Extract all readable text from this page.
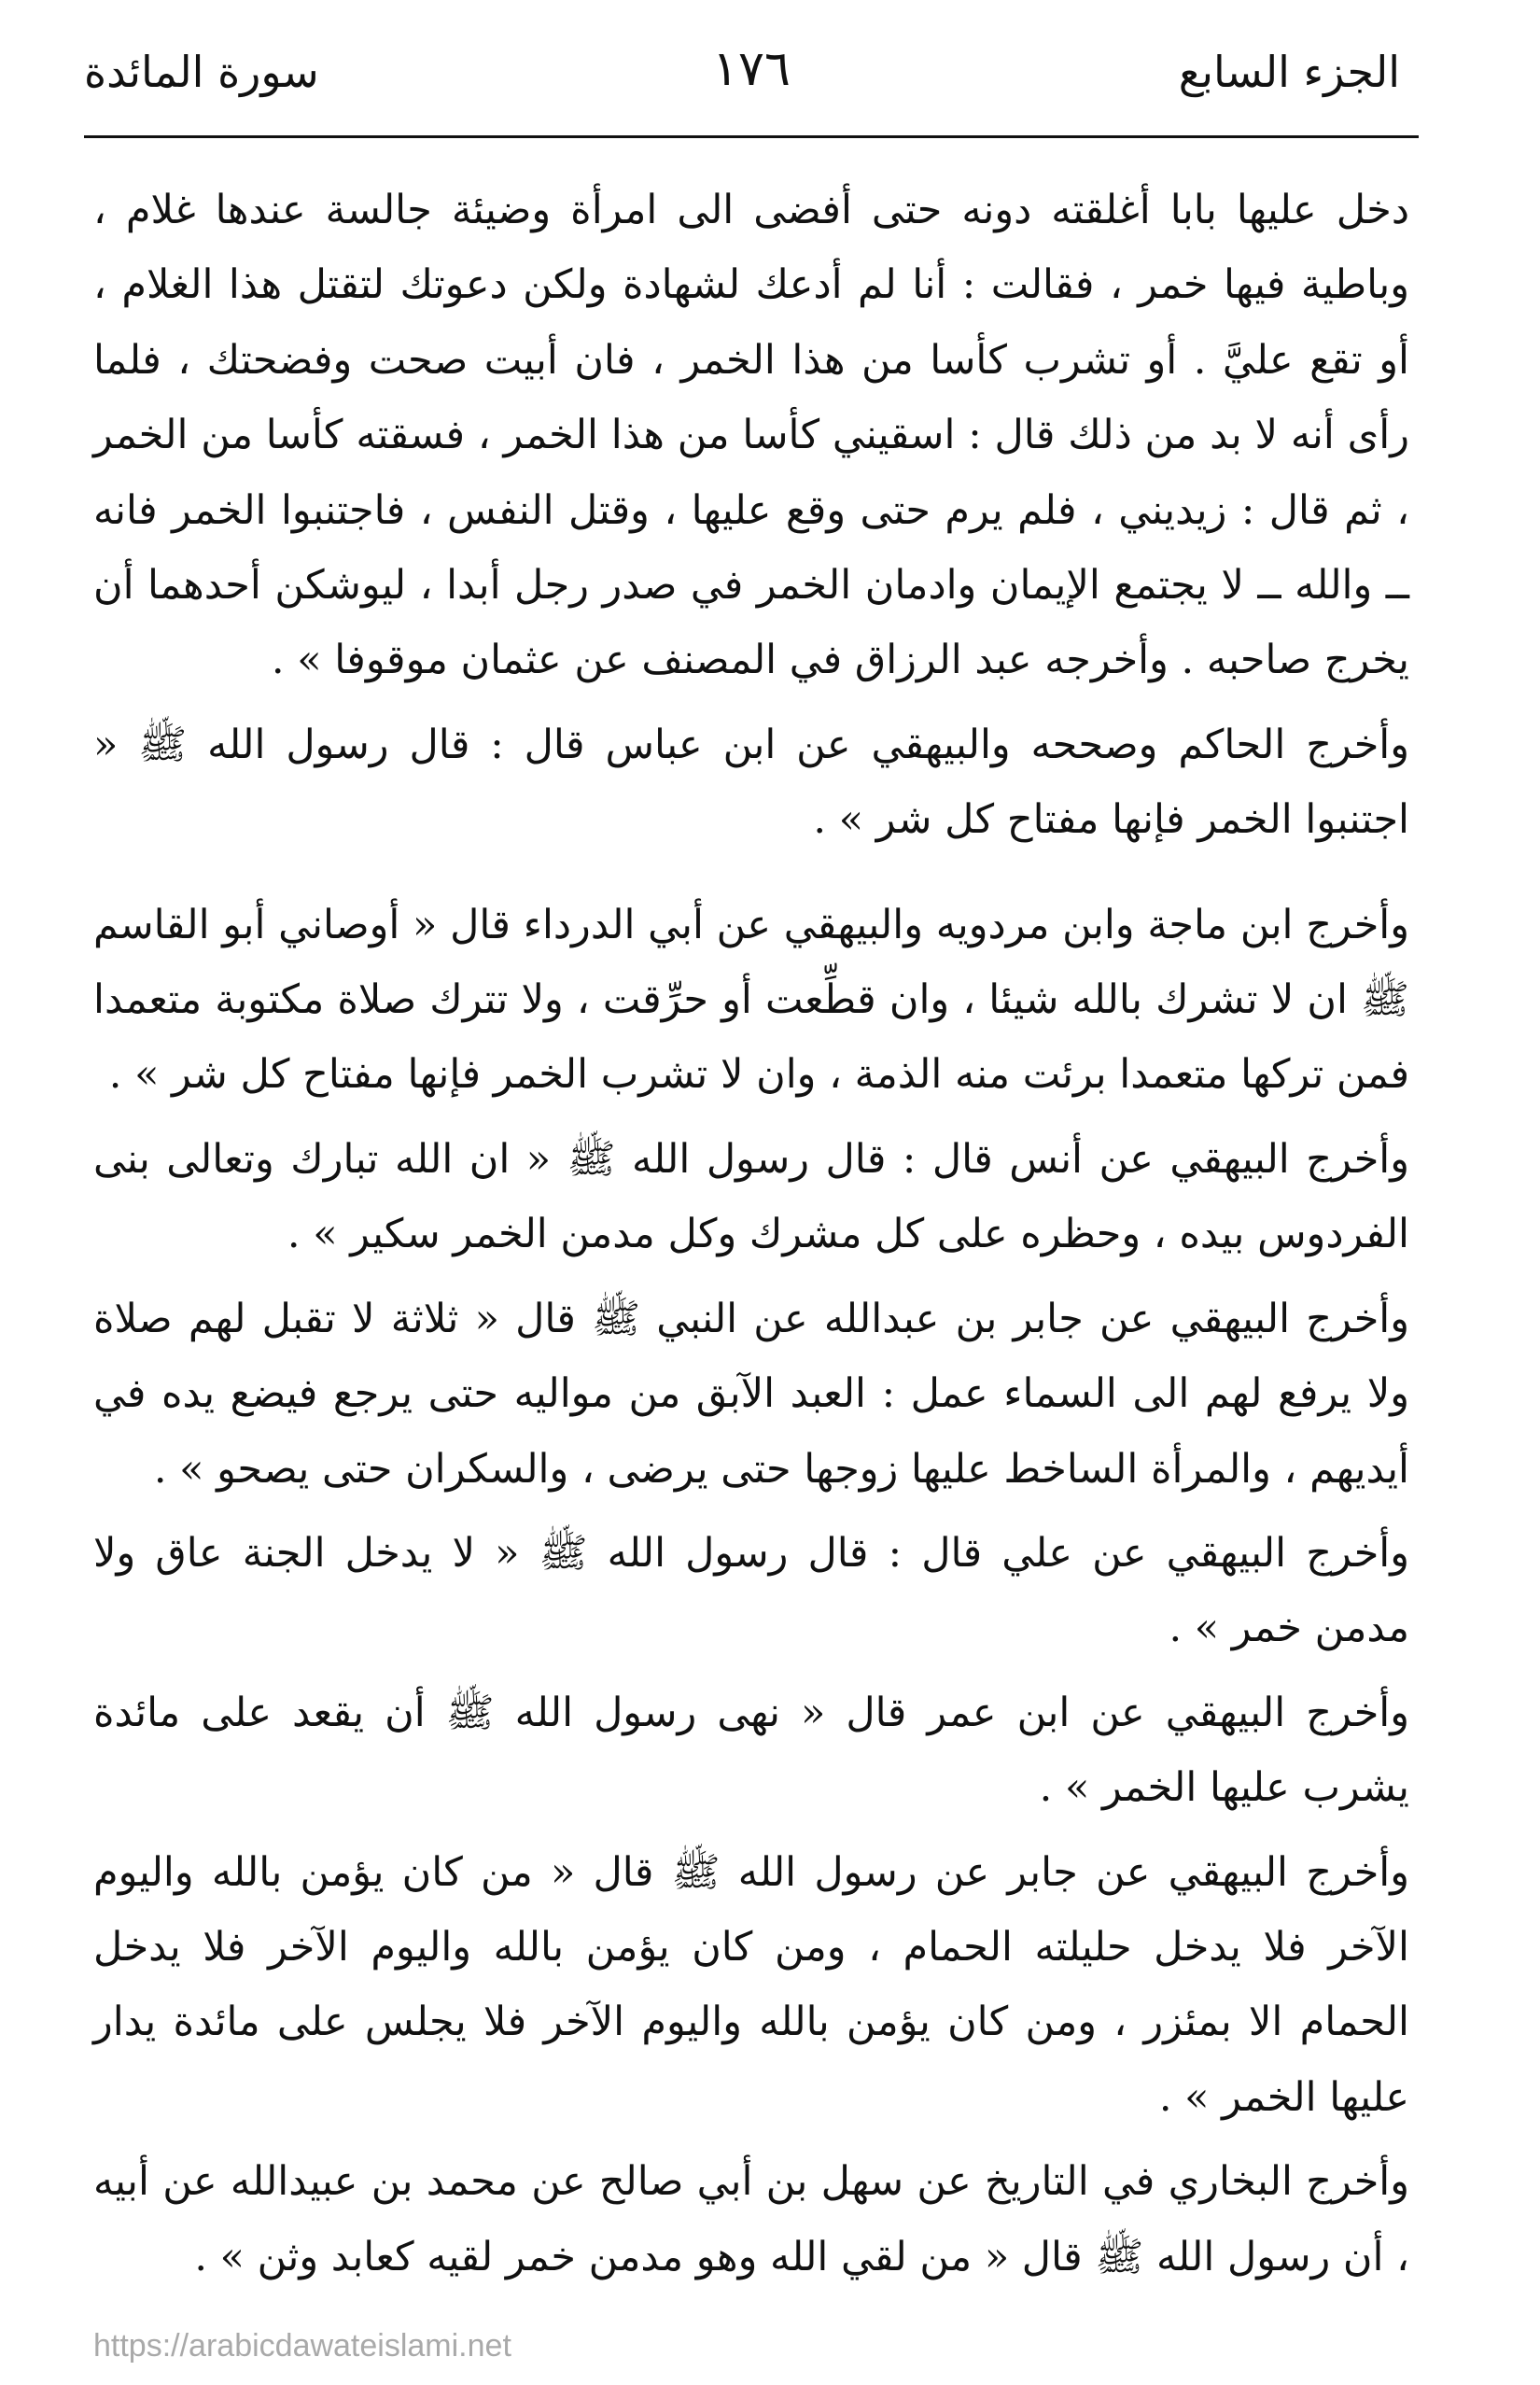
الجزء السابع
١٧٦
سورة المائدة

دخل عليها بابا أغلقته دونه حتى أفضى الى امرأة وضيئة جالسة عندها غلام ، وباطية فيها خمر ، فقالت : أنا لم أدعك لشهادة ولكن دعوتك لتقتل هذا الغلام ، أو تقع عليَّ . أو تشرب كأسا من هذا الخمر ، فان أبيت صحت وفضحتك ، فلما رأى أنه لا بد من ذلك قال : اسقيني كأسا من هذا الخمر ، فسقته كأسا من الخمر ، ثم قال : زيديني ، فلم يرم حتى وقع عليها ، وقتل النفس ، فاجتنبوا الخمر فانه ــ والله ــ لا يجتمع الإيمان وادمان الخمر في صدر رجل أبدا ، ليوشكن أحدهما أن يخرج صاحبه . وأخرجه عبد الرزاق في المصنف عن عثمان موقوفا » .

وأخرج الحاكم وصححه والبيهقي عن ابن عباس قال : قال رسول الله ﷺ « اجتنبوا الخمر فإنها مفتاح كل شر » .

وأخرج ابن ماجة وابن مردويه والبيهقي عن أبي الدرداء قال « أوصاني أبو القاسم ﷺ ان لا تشرك بالله شيئا ، وان قطِّعت أو حرِّقت ، ولا تترك صلاة مكتوبة متعمدا فمن تركها متعمدا برئت منه الذمة ، وان لا تشرب الخمر فإنها مفتاح كل شر » .

وأخرج البيهقي عن أنس قال : قال رسول الله ﷺ « ان الله تبارك وتعالى بنى الفردوس بيده ، وحظره على كل مشرك وكل مدمن الخمر سكير » .

وأخرج البيهقي عن جابر بن عبدالله عن النبي ﷺ قال « ثلاثة لا تقبل لهم صلاة ولا يرفع لهم الى السماء عمل : العبد الآبق من مواليه حتى يرجع فيضع يده في أيديهم ، والمرأة الساخط عليها زوجها حتى يرضى ، والسكران حتى يصحو » .

وأخرج البيهقي عن علي قال : قال رسول الله ﷺ « لا يدخل الجنة عاق ولا مدمن خمر » .

وأخرج البيهقي عن ابن عمر قال « نهى رسول الله ﷺ أن يقعد على مائدة يشرب عليها الخمر » .

وأخرج البيهقي عن جابر عن رسول الله ﷺ قال « من كان يؤمن بالله واليوم الآخر فلا يدخل حليلته الحمام ، ومن كان يؤمن بالله واليوم الآخر فلا يدخل الحمام الا بمئزر ، ومن كان يؤمن بالله واليوم الآخر فلا يجلس على مائدة يدار عليها الخمر » .

وأخرج البخاري في التاريخ عن سهل بن أبي صالح عن محمد بن عبيدالله عن أبيه ، أن رسول الله ﷺ قال « من لقي الله وهو مدمن خمر لقيه كعابد وثن » .

https://arabicdawateislami.net
